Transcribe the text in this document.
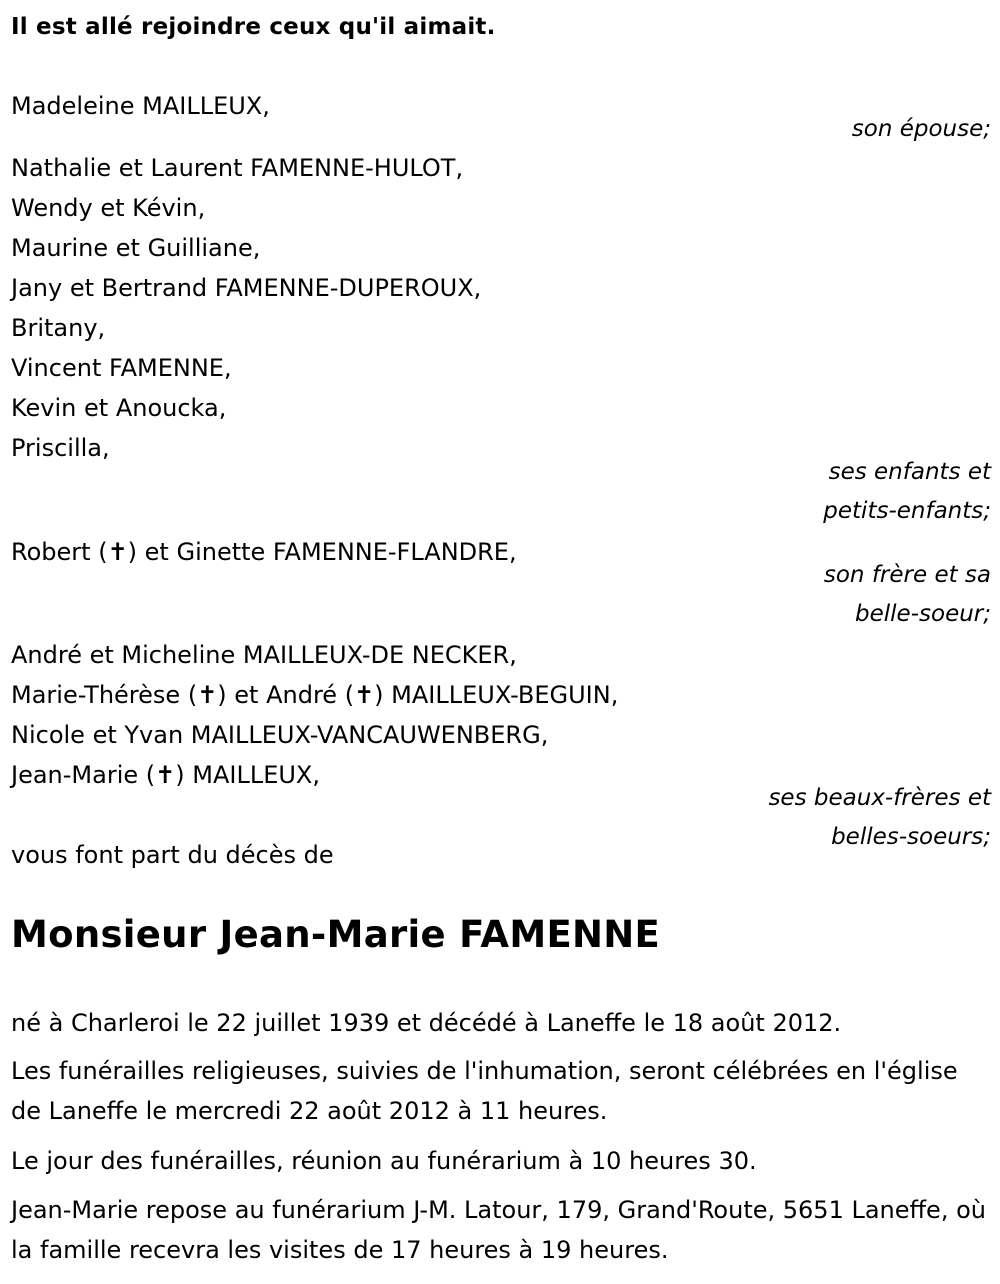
Il est allé rejoindre ceux qu'il aimait.
Madeleine MAILLEUX,
son épouse;
Nathalie et Laurent FAMENNE-HULOT,
Wendy et Kévin,
Maurine et Guilliane,
Jany et Bertrand FAMENNE-DUPEROUX,
Britany,
Vincent FAMENNE,
Kevin et Anoucka,
Priscilla,
ses enfants et
petits-enfants;
Robert (✝) et Ginette FAMENNE-FLANDRE,
son frère et sa
belle-soeur;
André et Micheline MAILLEUX-DE NECKER,
Marie-Thérèse (✝) et André (✝) MAILLEUX-BEGUIN,
Nicole et Yvan MAILLEUX-VANCAUWENBERG,
Jean-Marie (✝) MAILLEUX,
ses beaux-frères et
belles-soeurs;
vous font part du décès de
Monsieur Jean-Marie FAMENNE
né à Charleroi le 22 juillet 1939 et décédé à Laneffe le 18 août 2012.
Les funérailles religieuses, suivies de l'inhumation, seront célébrées en l'église de Laneffe le mercredi 22 août 2012 à 11 heures.
Le jour des funérailles, réunion au funérarium à 10 heures 30.
Jean-Marie repose au funérarium J-M. Latour, 179, Grand'Route, 5651 Laneffe, où la famille recevra les visites de 17 heures à 19 heures.
